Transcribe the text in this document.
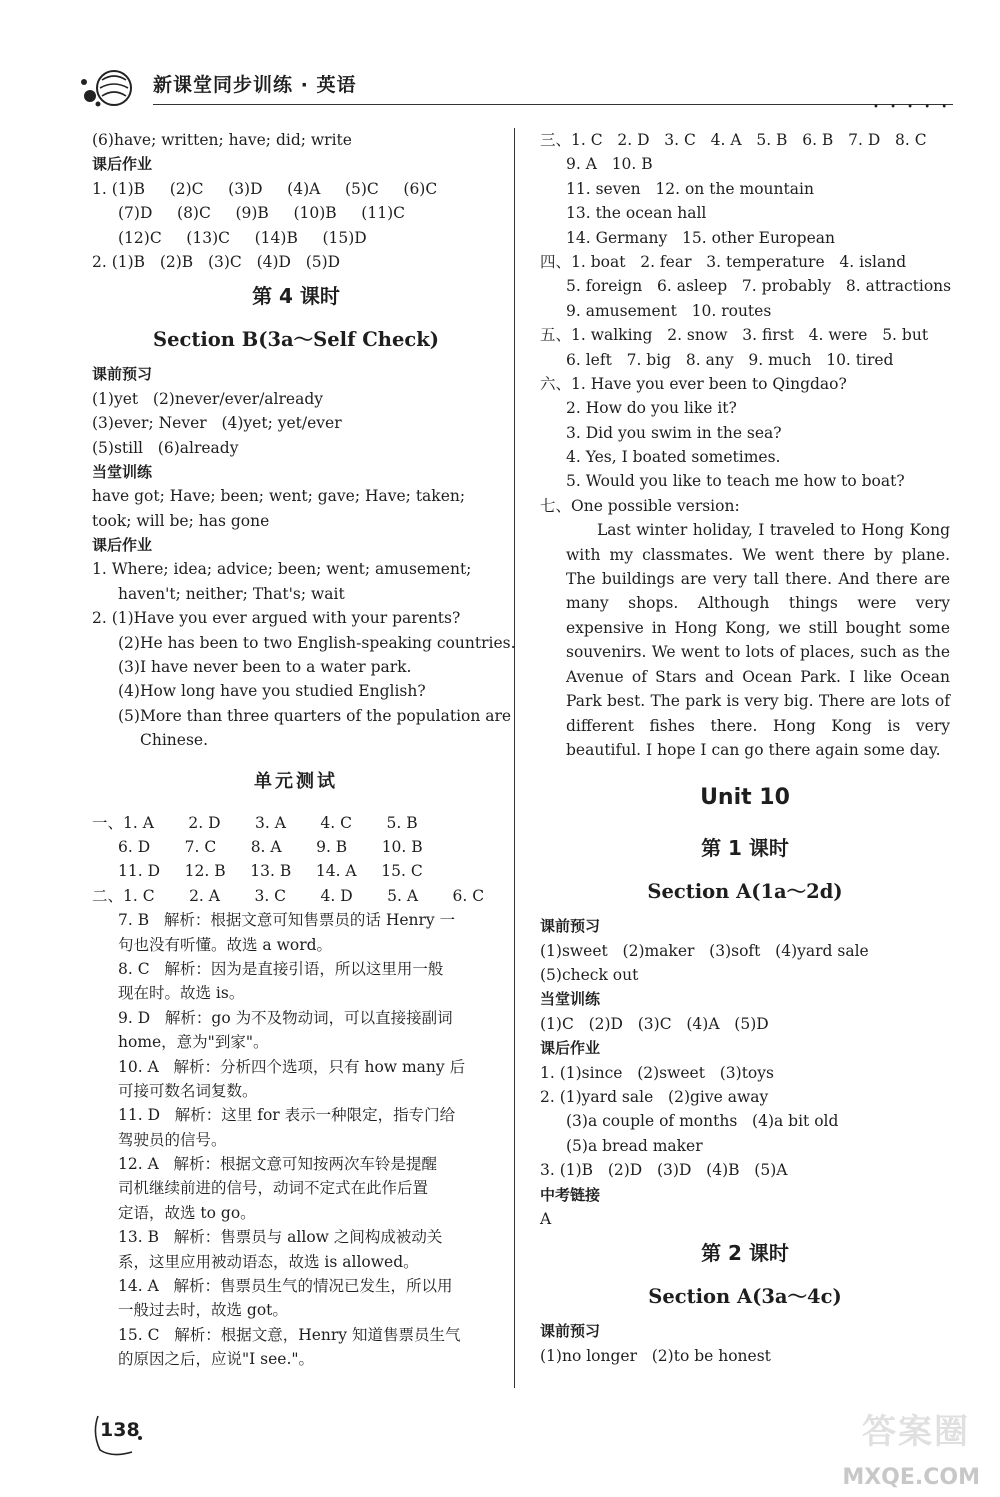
新课堂同步训练 · 英语
• • • • •
(6)have; written; have; did; write
课后作业
1. (1)B     (2)C     (3)D     (4)A     (5)C     (6)C
(7)D     (8)C     (9)B     (10)B     (11)C
(12)C     (13)C     (14)B     (15)D
2. (1)B   (2)B   (3)C   (4)D   (5)D
第 4 课时
Section B(3a～Self Check)
课前预习
(1)yet   (2)never/ever/already
(3)ever; Never   (4)yet; yet/ever
(5)still   (6)already
当堂训练
have got; Have; been; went; gave; Have; taken;
took; will be; has gone
课后作业
1. Where; idea; advice; been; went; amusement;
haven't; neither; That's; wait
2. (1)Have you ever argued with your parents?
(2)He has been to two English-speaking countries.
(3)I have never been to a water park.
(4)How long have you studied English?
(5)More than three quarters of the population are
Chinese.
单元测试
一、1. A       2. D       3. A       4. C       5. B
6. D       7. C       8. A       9. B       10. B
11. D     12. B     13. B     14. A     15. C
二、1. C       2. A       3. C       4. D       5. A       6. C
7. B   解析：根据文意可知售票员的话 Henry 一
句也没有听懂。故选 a word。
8. C   解析：因为是直接引语，所以这里用一般
现在时。故选 is。
9. D   解析：go 为不及物动词，可以直接接副词
home，意为"到家"。
10. A   解析：分析四个选项，只有 how many 后
可接可数名词复数。
11. D   解析：这里 for 表示一种限定，指专门给
驾驶员的信号。
12. A   解析：根据文意可知按两次车铃是提醒
司机继续前进的信号，动词不定式在此作后置
定语，故选 to go。
13. B   解析：售票员与 allow 之间构成被动关
系，这里应用被动语态，故选 is allowed。
14. A   解析：售票员生气的情况已发生，所以用
一般过去时，故选 got。
15. C   解析：根据文意，Henry 知道售票员生气
的原因之后，应说"I see."。
三、1. C   2. D   3. C   4. A   5. B   6. B   7. D   8. C
9. A   10. B
11. seven   12. on the mountain
13. the ocean hall
14. Germany   15. other European
四、1. boat   2. fear   3. temperature   4. island
5. foreign   6. asleep   7. probably   8. attractions
9. amusement   10. routes
五、1. walking   2. snow   3. first   4. were   5. but
6. left   7. big   8. any   9. much   10. tired
六、1. Have you ever been to Qingdao?
2. How do you like it?
3. Did you swim in the sea?
4. Yes, I boated sometimes.
5. Would you like to teach me how to boat?
七、One possible version:
Last winter holiday, I traveled to Hong Kong with my classmates. We went there by plane. The buildings are very tall there. And there are many shops. Although things were very expensive in Hong Kong, we still bought some souvenirs. We went to lots of places, such as the Avenue of Stars and Ocean Park. I like Ocean Park best. The park is very big. There are lots of different fishes there. Hong Kong is very beautiful. I hope I can go there again some day.
Unit 10
第 1 课时
Section A(1a～2d)
课前预习
(1)sweet   (2)maker   (3)soft   (4)yard sale
(5)check out
当堂训练
(1)C   (2)D   (3)C   (4)A   (5)D
课后作业
1. (1)since   (2)sweet   (3)toys
2. (1)yard sale   (2)give away
(3)a couple of months   (4)a bit old
(5)a bread maker
3. (1)B   (2)D   (3)D   (4)B   (5)A
中考链接
A
第 2 课时
Section A(3a～4c)
课前预习
(1)no longer   (2)to be honest
138	答案圈
MXQE.COM
